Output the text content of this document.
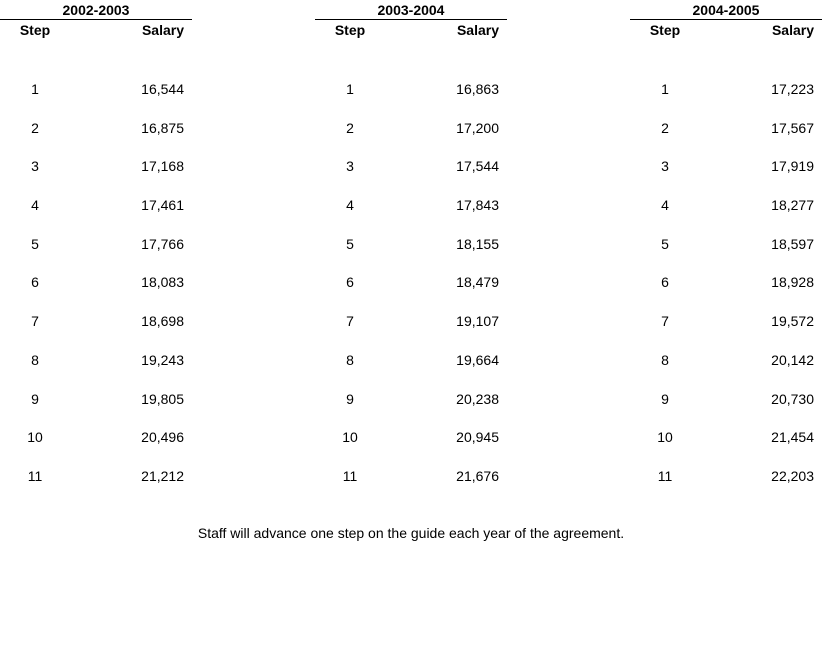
2002-2003
Step	Salary
1	16,544
2	16,875
3	17,168
4	17,461
5	17,766
6	18,083
7	18,698
8	19,243
9	19,805
10	20,496
11	21,212
2003-2004
Step	Salary
1	16,863
2	17,200
3	17,544
4	17,843
5	18,155
6	18,479
7	19,107
8	19,664
9	20,238
10	20,945
11	21,676
2004-2005
Step	Salary
1	17,223
2	17,567
3	17,919
4	18,277
5	18,597
6	18,928
7	19,572
8	20,142
9	20,730
10	21,454
11	22,203
Staff will advance one step on the guide each year of the agreement.
